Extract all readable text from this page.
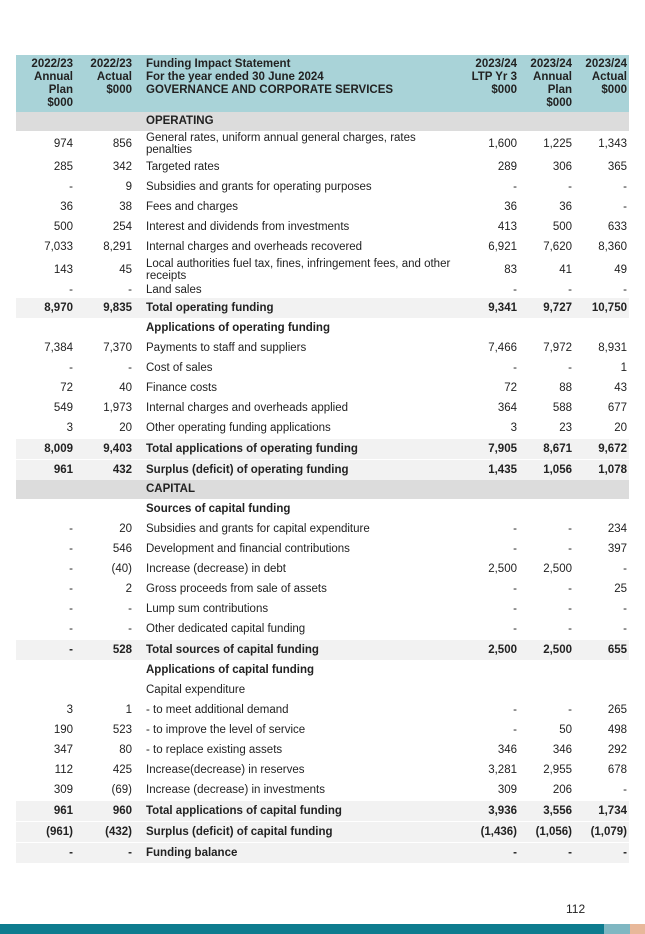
2022/23
Annual
Plan
$000	2022/23
Actual
$000	Funding Impact Statement
For the year ended 30 June 2024
GOVERNANCE AND CORPORATE SERVICES	2023/24
LTP Yr 3
$000	2023/24
Annual
Plan
$000	2023/24
Actual
$000

		OPERATING			
974	856	General rates, uniform annual general charges, rates penalties	1,600	1,225	1,343
285	342	Targeted rates	289	306	365
-	9	Subsidies and grants for operating purposes	-	-	-
36	38	Fees and charges	36	36	-
500	254	Interest and dividends from investments	413	500	633
7,033	8,291	Internal charges and overheads recovered	6,921	7,620	8,360
143	45	Local authorities fuel tax, fines, infringement fees, and other receipts	83	41	49
-	-	Land sales	-	-	-
8,970	9,835	Total operating funding	9,341	9,727	10,750
		Applications of operating funding			
7,384	7,370	Payments to staff and suppliers	7,466	7,972	8,931
-	-	Cost of sales	-	-	1
72	40	Finance costs	72	88	43
549	1,973	Internal charges and overheads applied	364	588	677
3	20	Other operating funding applications	3	23	20
8,009	9,403	Total applications of operating funding	7,905	8,671	9,672
961	432	Surplus (deficit) of operating funding	1,435	1,056	1,078
		CAPITAL			
		Sources of capital funding			
-	20	Subsidies and grants for capital expenditure	-	-	234
-	546	Development and financial contributions	-	-	397
-	(40)	Increase (decrease) in debt	2,500	2,500	-
-	2	Gross proceeds from sale of assets	-	-	25
-	-	Lump sum contributions	-	-	-
-	-	Other dedicated capital funding	-	-	-
-	528	Total sources of capital funding	2,500	2,500	655
		Applications of capital funding			
		Capital expenditure			
3	1	- to meet additional demand	-	-	265
190	523	- to improve the level of service	-	50	498
347	80	- to replace existing assets	346	346	292
112	425	Increase(decrease) in reserves	3,281	2,955	678
309	(69)	Increase (decrease) in investments	309	206	-
961	960	Total applications of capital funding	3,936	3,556	1,734
(961)	(432)	Surplus (deficit) of capital funding	(1,436)	(1,056)	(1,079)
-	-	Funding balance	-	-	-
112
